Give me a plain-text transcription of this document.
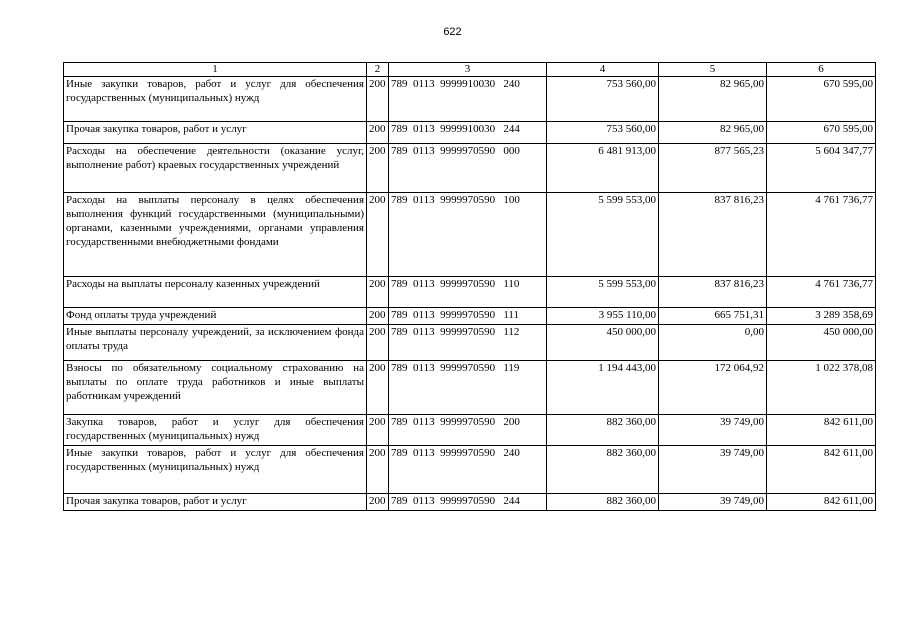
622
1	2	3	4	5	6
Иные закупки товаров, работ и услуг для обеспечения государственных (муниципальных) нужд	200	789  0113  9999910030   240	753 560,00	82 965,00	670 595,00
Прочая закупка товаров, работ и услуг	200	789  0113  9999910030   244	753 560,00	82 965,00	670 595,00
Расходы на обеспечение деятельности (оказание услуг, выполнение работ) краевых государственных учреждений	200	789  0113  9999970590   000	6 481 913,00	877 565,23	5 604 347,77
Расходы на выплаты персоналу в целях обеспечения выполнения функций государственными (муниципальными) органами, казенными учреждениями, органами управления государственными внебюджетными фондами	200	789  0113  9999970590   100	5 599 553,00	837 816,23	4 761 736,77
Расходы на выплаты персоналу казенных учреждений	200	789  0113  9999970590   110	5 599 553,00	837 816,23	4 761 736,77
Фонд оплаты труда учреждений	200	789  0113  9999970590   111	3 955 110,00	665 751,31	3 289 358,69
Иные выплаты персоналу учреждений, за исключением фонда оплаты труда	200	789  0113  9999970590   112	450 000,00	0,00	450 000,00
Взносы по обязательному социальному страхованию на выплаты по оплате труда работников и иные выплаты работникам учреждений	200	789  0113  9999970590   119	1 194 443,00	172 064,92	1 022 378,08
Закупка товаров, работ и услуг для обеспечения государственных (муниципальных) нужд	200	789  0113  9999970590   200	882 360,00	39 749,00	842 611,00
Иные закупки товаров, работ и услуг для обеспечения государственных (муниципальных) нужд	200	789  0113  9999970590   240	882 360,00	39 749,00	842 611,00
Прочая закупка товаров, работ и услуг	200	789  0113  9999970590   244	882 360,00	39 749,00	842 611,00
